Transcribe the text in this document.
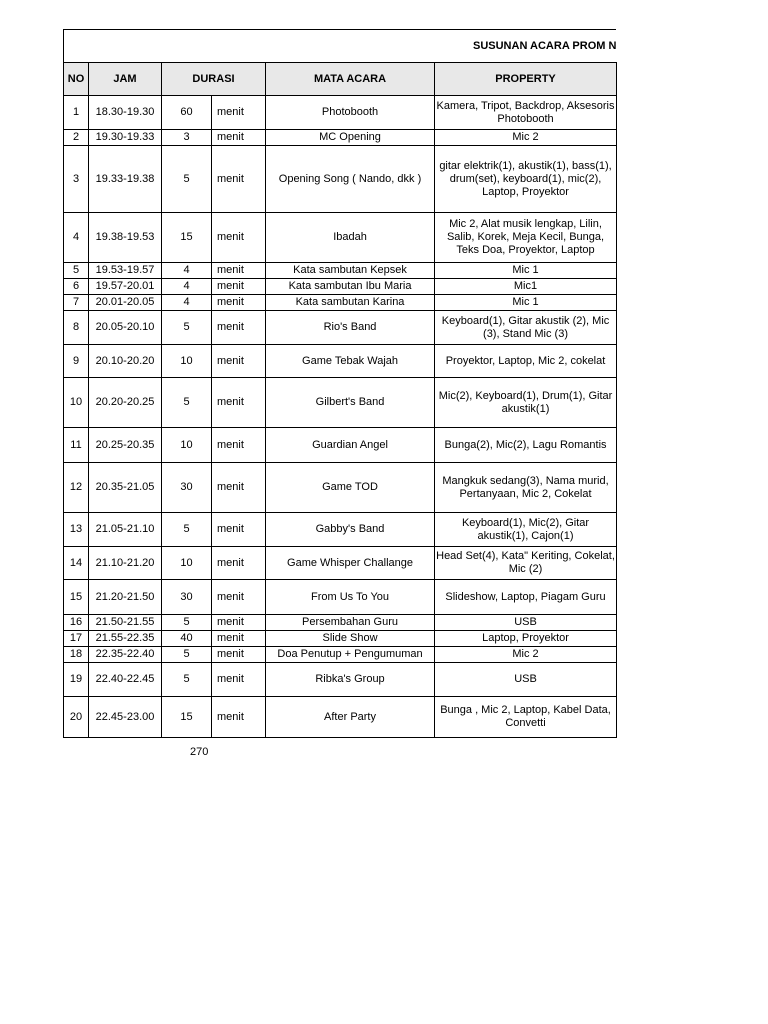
SUSUNAN ACARA PROM N
NO	JAM	DURASI		MATA ACARA	PROPERTY
1	18.30-19.30	60	menit	Photobooth	Kamera, Tripot, Backdrop, Aksesoris Photobooth
2	19.30-19.33	3	menit	MC Opening	Mic 2
3	19.33-19.38	5	menit	Opening Song ( Nando, dkk )	gitar elektrik(1), akustik(1), bass(1), drum(set), keyboard(1), mic(2), Laptop, Proyektor
4	19.38-19.53	15	menit	Ibadah	Mic 2, Alat musik lengkap, Lilin, Salib, Korek, Meja Kecil, Bunga, Teks Doa, Proyektor, Laptop
5	19.53-19.57	4	menit	Kata sambutan Kepsek	Mic 1
6	19.57-20.01	4	menit	Kata sambutan Ibu Maria	Mic1
7	20.01-20.05	4	menit	Kata sambutan Karina	Mic 1
8	20.05-20.10	5	menit	Rio's Band	Keyboard(1), Gitar akustik (2), Mic (3), Stand Mic (3)
9	20.10-20.20	10	menit	Game Tebak Wajah	Proyektor, Laptop, Mic 2, cokelat
10	20.20-20.25	5	menit	Gilbert's Band	Mic(2), Keyboard(1), Drum(1), Gitar akustik(1)
11	20.25-20.35	10	menit	Guardian Angel	Bunga(2), Mic(2), Lagu Romantis
12	20.35-21.05	30	menit	Game TOD	Mangkuk sedang(3), Nama murid, Pertanyaan, Mic 2, Cokelat
13	21.05-21.10	5	menit	Gabby's Band	Keyboard(1), Mic(2), Gitar akustik(1), Cajon(1)
14	21.10-21.20	10	menit	Game Whisper Challange	Head Set(4), Kata" Keriting, Cokelat, Mic (2)
15	21.20-21.50	30	menit	From Us To You	Slideshow, Laptop, Piagam Guru
16	21.50-21.55	5	menit	Persembahan Guru	USB
17	21.55-22.35	40	menit	Slide Show	Laptop, Proyektor
18	22.35-22.40	5	menit	Doa Penutup + Pengumuman	Mic 2
19	22.40-22.45	5	menit	Ribka's Group	USB
20	22.45-23.00	15	menit	After Party	Bunga , Mic 2, Laptop, Kabel Data, Convetti
270
